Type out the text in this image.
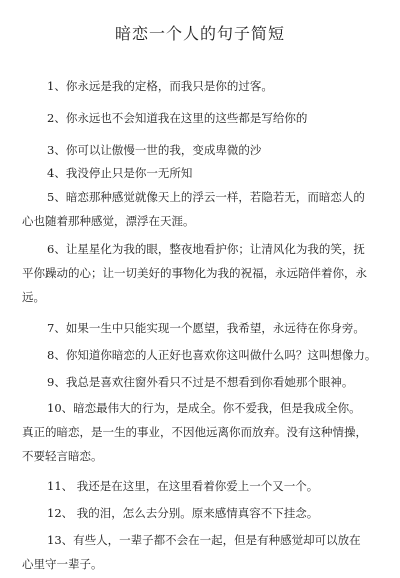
暗恋一个人的句子简短
1、你永远是我的定格，而我只是你的过客。
2、你永远也不会知道我在这里的这些都是写给你的
3、你可以让傲慢一世的我，变成卑微的沙
4、我没停止只是你一无所知
5、暗恋那种感觉就像天上的浮云一样，若隐若无，而暗恋人的
心也随着那种感觉，漂浮在天涯。
6、让星星化为我的眼，整夜地看护你；让清风化为我的笑，抚
平你躁动的心；让一切美好的事物化为我的祝福，永远陪伴着你，永
远。
7、如果一生中只能实现一个愿望，我希望，永远待在你身旁。
8、你知道你暗恋的人正好也喜欢你这叫做什么吗？这叫想像力。
9、我总是喜欢往窗外看只不过是不想看到你看她那个眼神。
10、暗恋最伟大的行为，是成全。你不爱我，但是我成全你。
真正的暗恋，是一生的事业，不因他远离你而放弃。没有这种情操，
不要轻言暗恋。
11、 我还是在这里，在这里看着你爱上一个又一个。
12、 我的泪，怎么去分别。原来感情真容不下挂念。
13、有些人，一辈子都不会在一起，但是有种感觉却可以放在
心里守一辈子。
